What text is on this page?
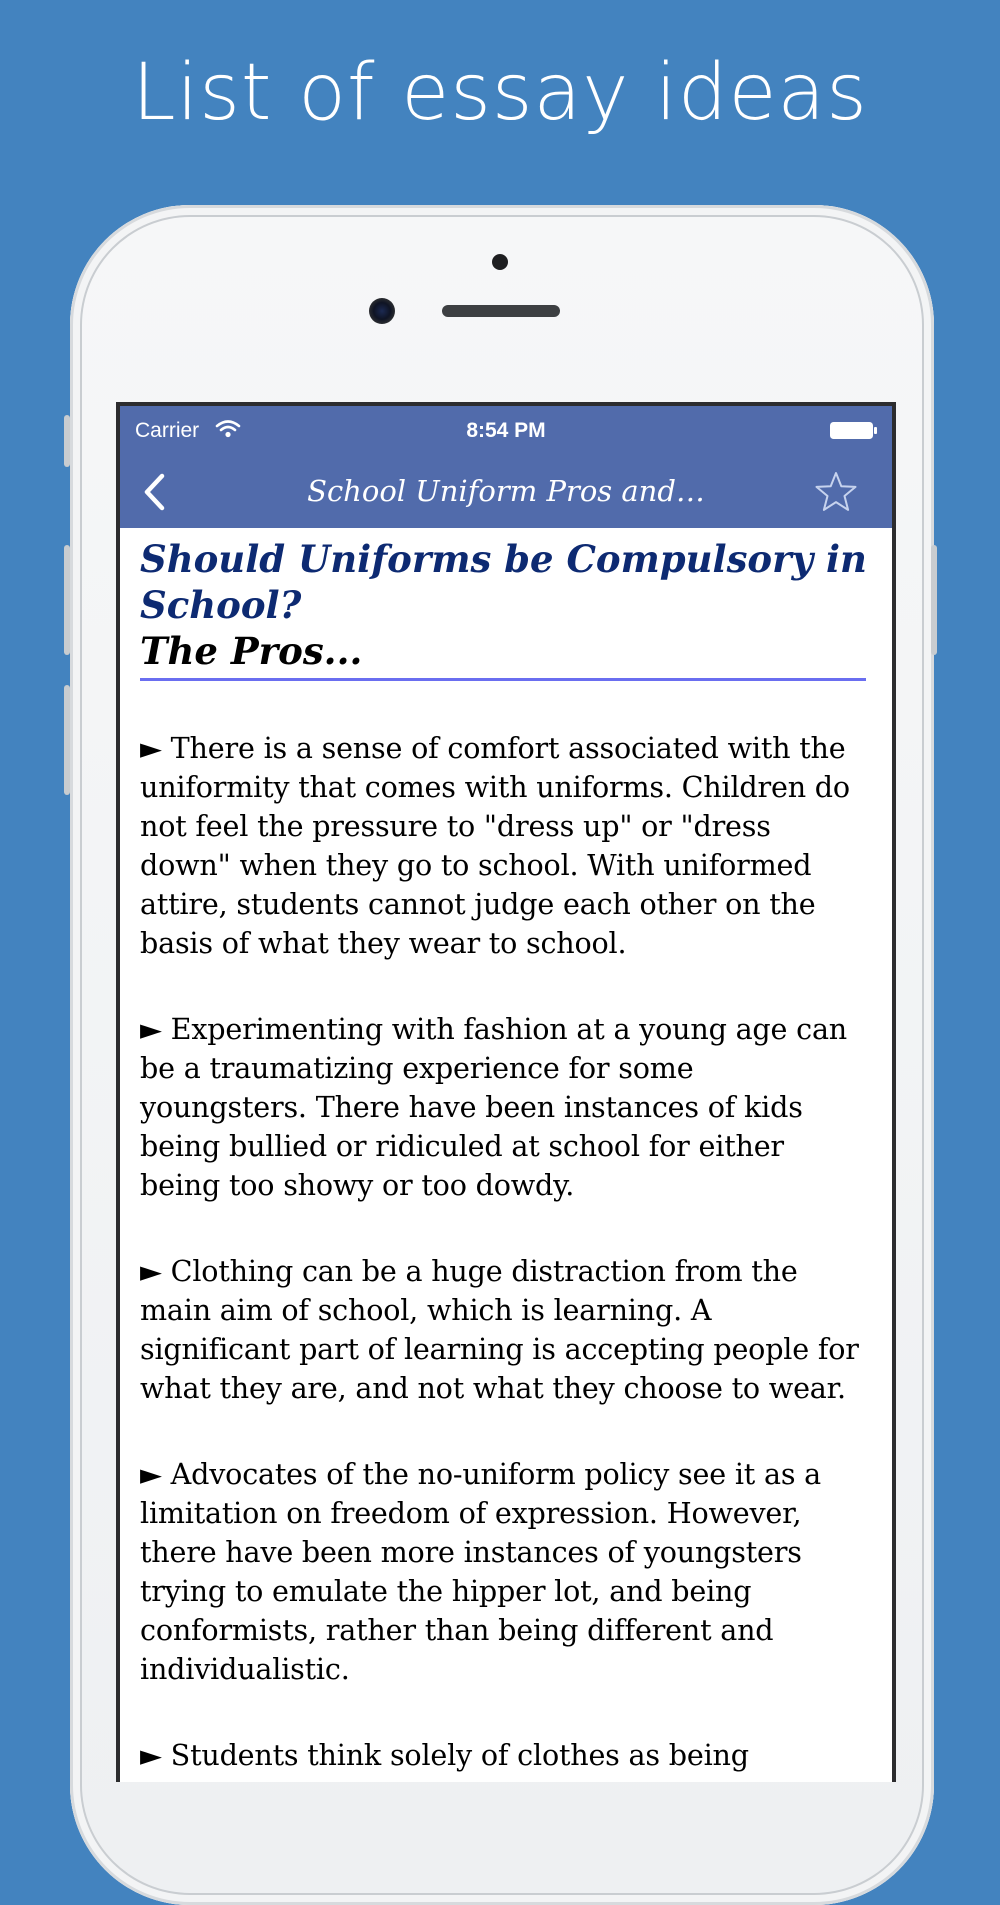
List of essay ideas
Carrier	8:54 PM
School Uniform Pros and…
Should Uniforms be Compulsory in School?
The Pros...

► There is a sense of comfort associated with the uniformity that comes with uniforms. Children do not feel the pressure to "dress up" or "dress down" when they go to school. With uniformed attire, students cannot judge each other on the basis of what they wear to school.

► Experimenting with fashion at a young age can be a traumatizing experience for some youngsters. There have been instances of kids being bullied or ridiculed at school for either being too showy or too dowdy.

► Clothing can be a huge distraction from the main aim of school, which is learning. A significant part of learning is accepting people for what they are, and not what they choose to wear.

► Advocates of the no-uniform policy see it as a limitation on freedom of expression. However, there have been more instances of youngsters trying to emulate the hipper lot, and being conformists, rather than being different and individualistic.

► Students think solely of clothes as being
